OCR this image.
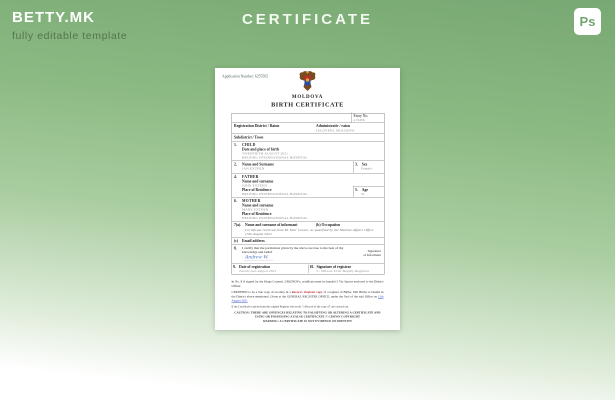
BETTY.MK
fully editable template
CERTIFICATE	Ps
Application Number: 6255565
MOLDOVA
BIRTH CERTIFICATE
Entry No.
e13456
Registration District / Raion	Administrativ / raion
IALOVENI, MOLDOVA
Subdistrict / Town
1. CHILD
Date and place of birth
TWENTIETH AUGUST 2021
HELPING INTERNATIONAL HOSPITAL
2. Name and Surname
JAN EXTEEN
3. Sex
Female
4. FATHER
Name and surname
JOHN EXTEEN
Place of Residence
HELPING INTERNATIONAL HOSPITAL
5. Age
31
6. MOTHER
Name and surname
MARY EXTEEN
Place of Residence
HELPING INTERNATIONAL HOSPITAL
7(a). Name and surname of informant (b) Occupation
Certificate received from M. Your Centre, as qualified by the Marital Affairs Office
13th August 2021
(c) Email address
8. I certify that the particulars given by me above are true to the best of my knowledge and belief	Signature
of Informant
Andrew W.
9. Date of registration
Twenty-two august 2021
10. Signature of registrar
C. Wilson, Civil Deputy Registrar

In No. 8 if signed by the Kings Counsel, GRO/NOVs, certificate must be handed 5 Via Spaces enclosed to the District Officer.

CERTIFIED to be a true copy of an entry in a Record / Register copy of a register of Births, Still Births or Deaths in the District above mentioned. Given at the GENERAL REGISTER OFFICE, under the Seal of the said Office on 12th August 2021

If the Certificate is given from the original Register, the words "a Record of the copy of" are crossed out.

CAUTION: THERE ARE OFFENCES RELATING TO FALSIFYING OR ALTERING A CERTIFICATE AND USING OR POSSESSING A FALSE CERTIFICATE © CROWN COPYRIGHT
WARNING: A CERTIFICATE IS NOT EVIDENCE OF IDENTITY
